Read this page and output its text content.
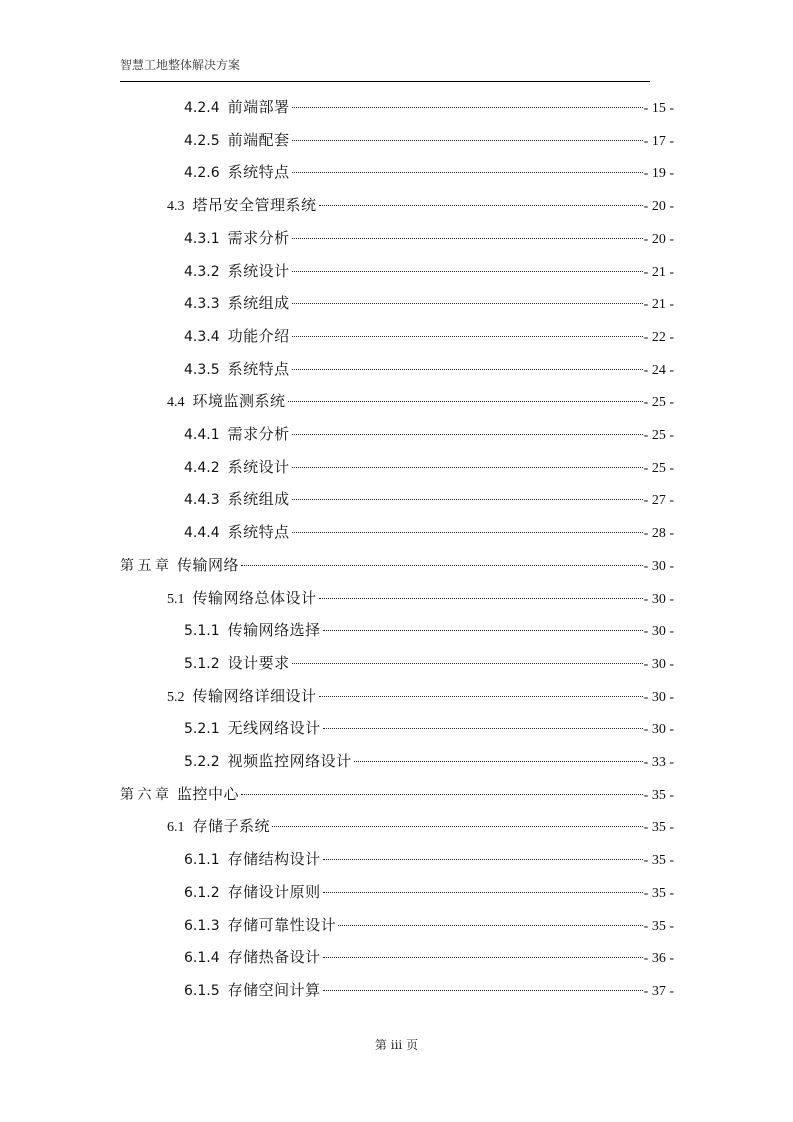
智慧工地整体解决方案
4.2.4 前端部署	- 15 -
4.2.5 前端配套	- 17 -
4.2.6 系统特点	- 19 -
4.3 塔吊安全管理系统	- 20 -
4.3.1 需求分析	- 20 -
4.3.2 系统设计	- 21 -
4.3.3 系统组成	- 21 -
4.3.4 功能介绍	- 22 -
4.3.5 系统特点	- 24 -
4.4 环境监测系统	- 25 -
4.4.1 需求分析	- 25 -
4.4.2 系统设计	- 25 -
4.4.3 系统组成	- 27 -
4.4.4 系统特点	- 28 -
第 五 章 传输网络	- 30 -
5.1 传输网络总体设计	- 30 -
5.1.1 传输网络选择	- 30 -
5.1.2 设计要求	- 30 -
5.2 传输网络详细设计	- 30 -
5.2.1 无线网络设计	- 30 -
5.2.2 视频监控网络设计	- 33 -
第 六 章 监控中心	- 35 -
6.1 存储子系统	- 35 -
6.1.1 存储结构设计	- 35 -
6.1.2 存储设计原则	- 35 -
6.1.3 存储可靠性设计	- 35 -
6.1.4 存储热备设计	- 36 -
6.1.5 存储空间计算	- 37 -
第 iii 页
